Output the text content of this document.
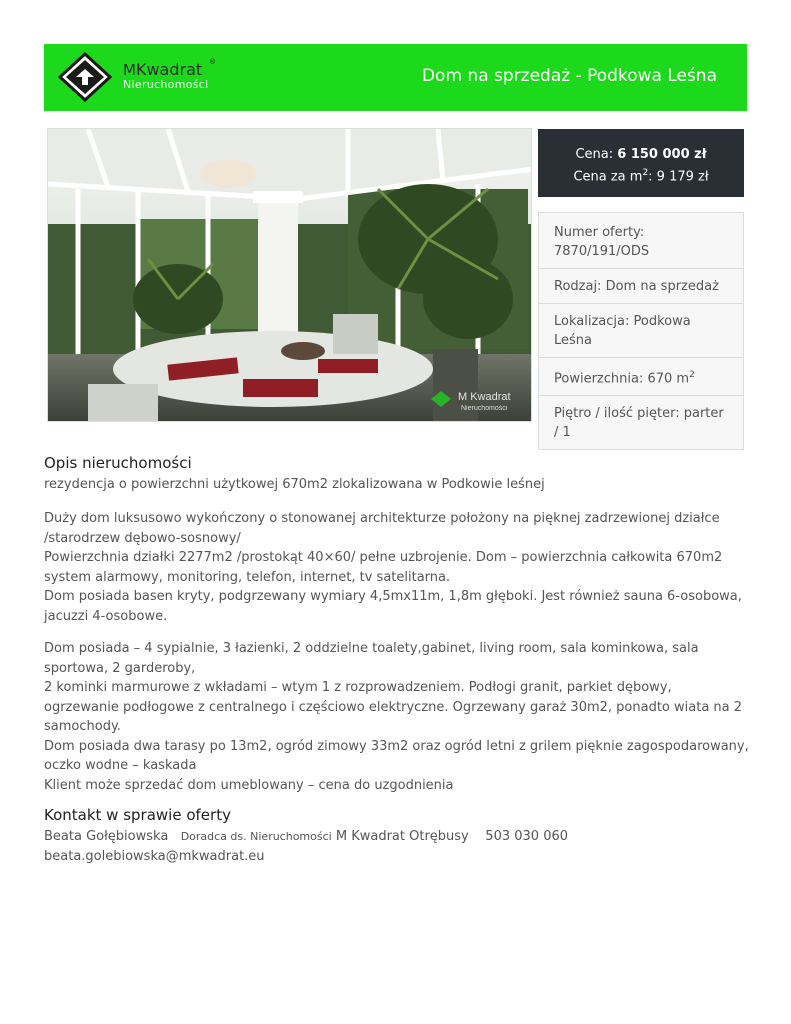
MKwadrat
Nieruchomości
®
Dom na sprzedaż - Podkowa Leśna
M Kwadrat
Nieruchomości
Cena: 6 150 000 zł
Cena za $m^2$: 9 179 zł
Numer oferty: 7870/191/ODS
Rodzaj: Dom na sprzedaż
Lokalizacja: Podkowa Leśna
Powierzchnia: 670 $m^2$
Piętro / ilość pięter: parter / 1
Opis nieruchomości
rezydencja o powierzchni użytkowej 670m2 zlokalizowana w Podkowie leśnej

Duży dom luksusowo wykończony o stonowanej architekturze położony na pięknej zadrzewionej działce /starodrzew dębowo-sosnowy/

Powierzchnia działki 2277m2 /prostokąt 40×60/ pełne uzbrojenie. Dom – powierzchnia całkowita 670m2 system alarmowy, monitoring, telefon, internet, tv satelitarna.

Dom posiada basen kryty, podgrzewany wymiary 4,5mx11m, 1,8m głęboki. Jest również sauna 6-osobowa, jacuzzi 4-osobowe.

Dom posiada – 4 sypialnie, 3 łazienki, 2 oddzielne toalety,gabinet, living room, sala kominkowa, sala sportowa, 2 garderoby,

2 kominki marmurowe z wkładami – wtym 1 z rozprowadzeniem. Podłogi granit, parkiet dębowy, ogrzewanie podłogowe z centralnego i częściowo elektryczne. Ogrzewany garaż 30m2, ponadto wiata na 2 samochody.

Dom posiada dwa tarasy po 13m2, ogród zimowy 33m2 oraz ogród letni z grilem pięknie zagospodarowany, oczko wodne – kaskada

Klient może sprzedać dom umeblowany – cena do uzgodnienia

Kontakt w sprawie oferty
Beata Gołębiowska Doradca ds. Nieruchomości M Kwadrat Otrębusy 503 030 060
beata.golebiowska@mkwadrat.eu
